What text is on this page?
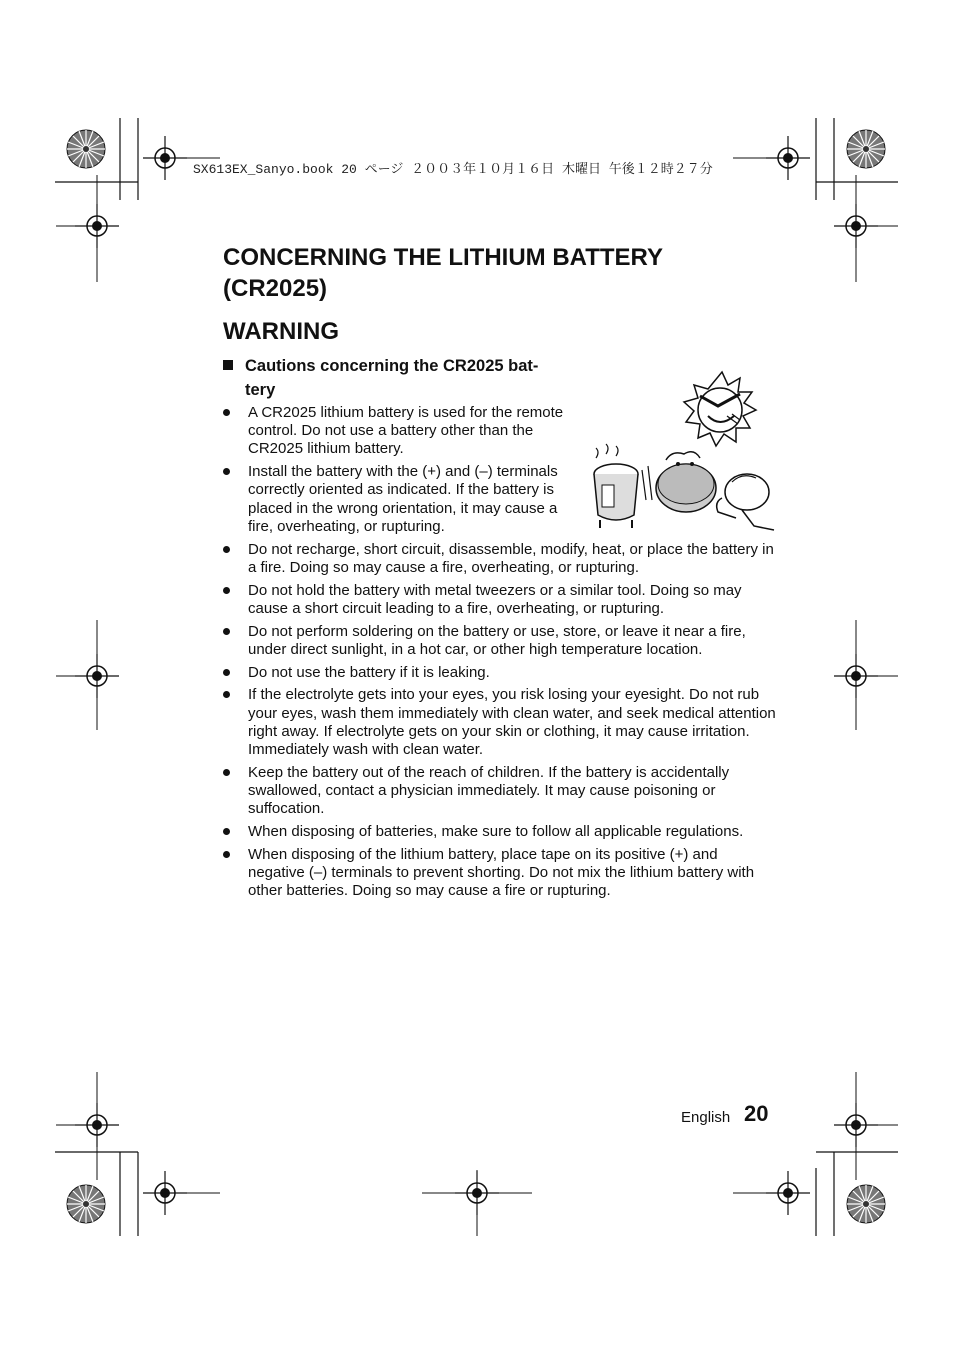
SX613EX_Sanyo.book 20 ページ ２００３年１０月１６日 木曜日 午後１２時２７分
CONCERNING THE LITHIUM BATTERY (CR2025)
WARNING
Cautions concerning the CR2025 bat-
tery
A CR2025 lithium battery is used for the remote control. Do not use a battery other than the CR2025 lithium battery.
Install the battery with the (+) and (–) terminals correctly oriented as indicated. If the battery is placed in the wrong orientation, it may cause a fire, overheating, or rupturing.
Do not recharge, short circuit, disassemble, modify, heat, or place the battery in a fire. Doing so may cause a fire, overheating, or rupturing.
Do not hold the battery with metal tweezers or a similar tool. Doing so may cause a short circuit leading to a fire, overheating, or rupturing.
Do not perform soldering on the battery or use, store, or leave it near a fire, under direct sunlight, in a hot car, or other high temperature location.
Do not use the battery if it is leaking.
If the electrolyte gets into your eyes, you risk losing your eyesight. Do not rub your eyes, wash them immediately with clean water, and seek medical attention right away. If electrolyte gets on your skin or clothing, it may cause irritation. Immediately wash with clean water.
Keep the battery out of the reach of children. If the battery is accidentally swallowed, contact a physician immediately. It may cause poisoning or suffocation.
When disposing of batteries, make sure to follow all applicable regulations.
When disposing of the lithium battery, place tape on its positive (+) and negative (–) terminals to prevent shorting. Do not mix the lithium battery with other batteries. Doing so may cause a fire or rupturing.
English 20
